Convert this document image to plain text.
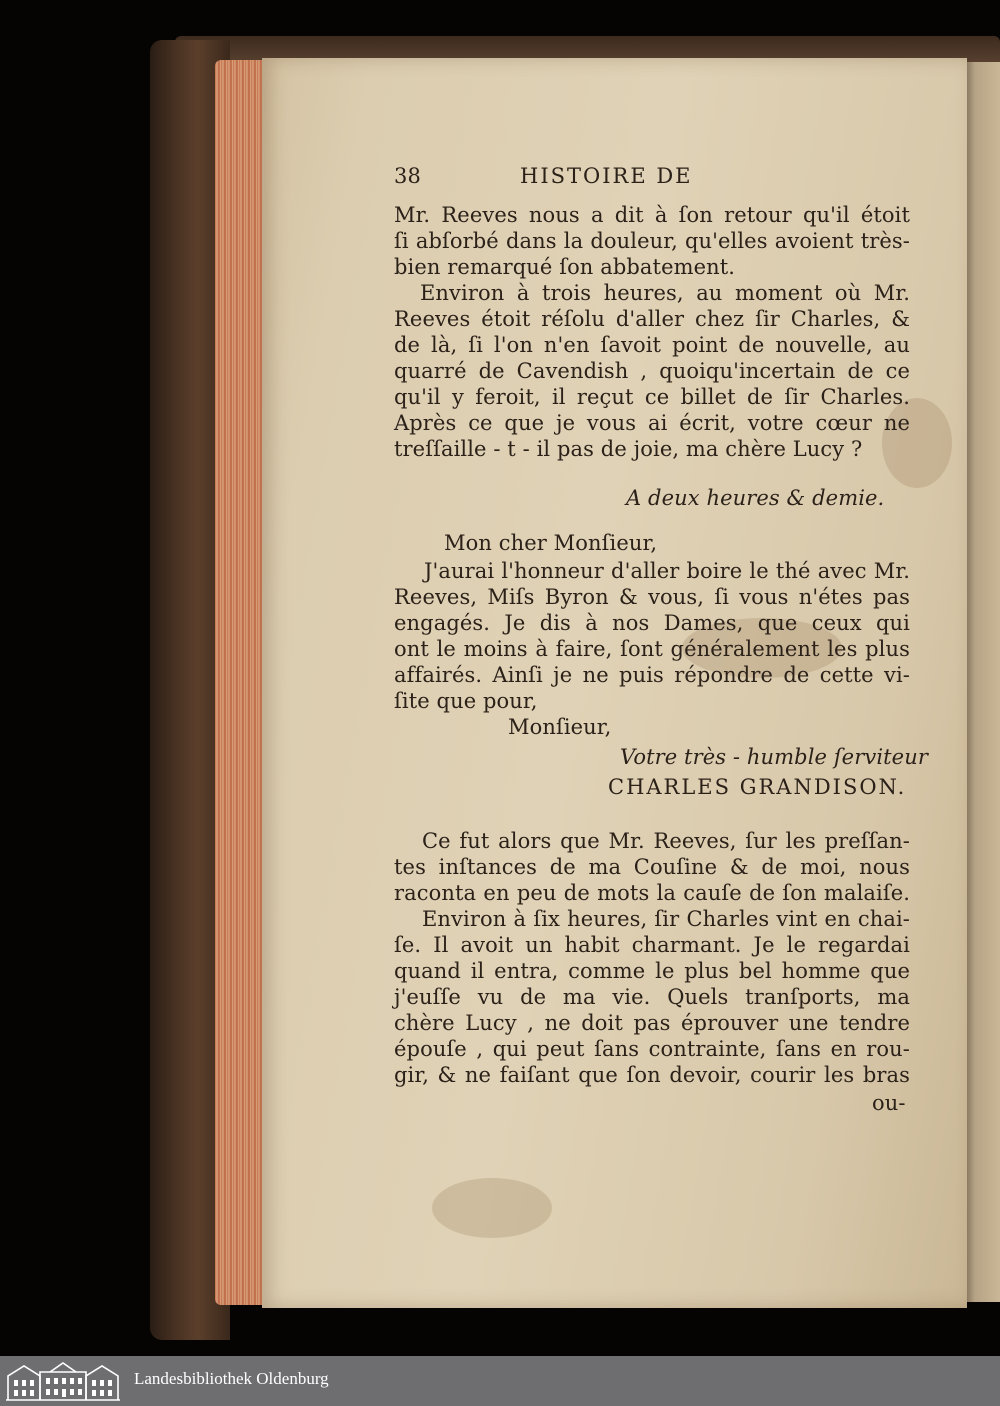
38	HISTOIRE DE
Mr. Reeves nous a dit à ſon retour qu'il étoit
ſi abſorbé dans la douleur, qu'elles avoient très-
bien remarqué ſon abbatement.
Environ à trois heures, au moment où Mr.
Reeves étoit réſolu d'aller chez ſir Charles, &
de là, ſi l'on n'en ſavoit point de nouvelle, au
quarré de Cavendish , quoiqu'incertain de ce
qu'il y feroit, il reçut ce billet de ſir Charles.
Après ce que je vous ai écrit, votre cœur ne
treſſaille - t - il pas de joie, ma chère Lucy ?
A deux heures & demie.
Mon cher Monſieur,
J'aurai l'honneur d'aller boire le thé avec Mr.
Reeves, Miſs Byron & vous, ſi vous n'étes pas
engagés. Je dis à nos Dames, que ceux qui
ont le moins à faire, ſont généralement les plus
affairés. Ainſi je ne puis répondre de cette vi-
ſite que pour,
Monſieur,
Votre très - humble ſerviteur
CHARLES GRANDISON.
Ce fut alors que Mr. Reeves, ſur les preſſan-
tes inſtances de ma Couſine & de moi, nous
raconta en peu de mots la cauſe de ſon malaiſe.
Environ à ſix heures, ſir Charles vint en chai-
ſe. Il avoit un habit charmant. Je le regardai
quand il entra, comme le plus bel homme que
j'euſſe vu de ma vie. Quels tranſports, ma
chère Lucy , ne doit pas éprouver une tendre
épouſe , qui peut ſans contrainte, ſans en rou-
gir, & ne faiſant que ſon devoir, courir les bras
ou-
Landesbibliothek Oldenburg
